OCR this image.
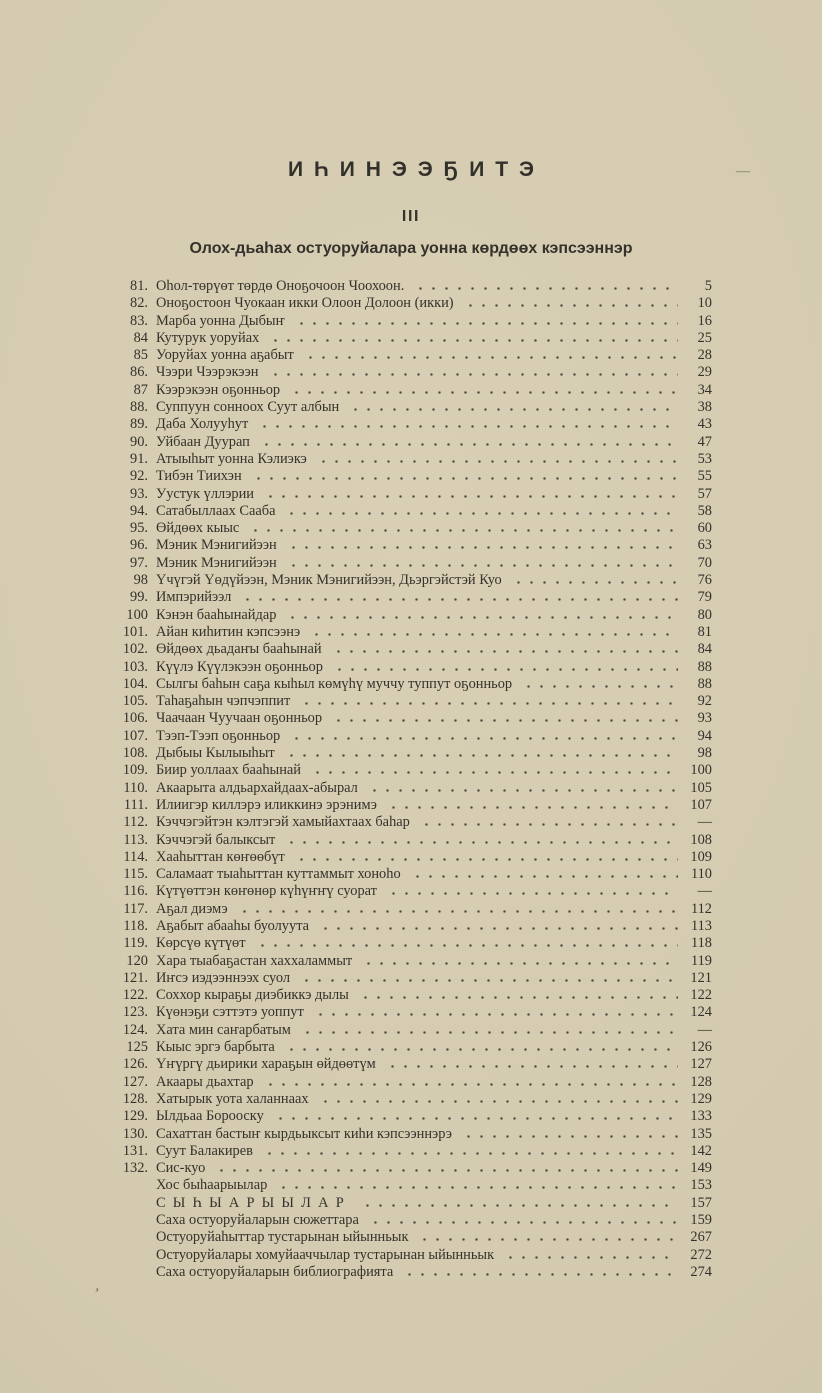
—
,
ИҺИНЭЭҔИТЭ
III
Олох-дьаһах остуоруйалара уонна көрдөөх кэпсээннэр
81. Оһол-төрүөт төрдө Оноҕочоон Чоохоон.	5
82. Оноҕостоон Чуокаан икки Олоон Долоон (икки)	10
83. Марба уонна Дыбыҥ	16
84 Кутурук уоруйах	25
85 Уоруйах уонна аҕабыт	28
86. Чээри Чээрэкээн	29
87 Кээрэкээн оҕонньор	34
88. Суппуун сонноох Суут албын	38
89. Даба Холууһут	43
90. Уйбаан Дуурап	47
91. Атыыһыт уонна Кэлиэкэ	53
92. Тибэн Тиихэн	55
93. Уустук үллэрии	57
94. Сатабыллаах Сааба	58
95. Өйдөөх кыыс	60
96. Мэник Мэнигийээн	63
97. Мэник Мэнигийээн	70
98 Үчүгэй Үөдүйээн, Мэник Мэнигийээн, Дьэргэйстэй Куо	76
99. Импэрийээл	79
100 Кэнэн бааһынайдар	80
101. Айан киһитин кэпсээнэ	81
102. Өйдөөх дьадаҥы бааһынай	84
103. Күүлэ Күүлэкээн оҕонньор	88
104. Сылгы баһын саҕа кыһыл көмүһү муччу туппут оҕонньор	88
105. Таһаҕаһын чэпчэппит	92
106. Чаачаан Чуучаан оҕонньор	93
107. Тээп-Тээп оҕонньор	94
108. Дыбыы Кылыыһыт	98
109. Биир уоллаах бааһынай	100
110. Акаарыта алдьархайдаах-абырал	105
111. Илиигэр киллэрэ иликкинэ эрэнимэ	107
112. Кэччэгэйтэн кэлтэгэй хамыйахтаах баһар	—
113. Кэччэгэй балыксыт	108
114. Хааһыттан көҥөөбүт	109
115. Саламаат тыаһыттан куттаммыт хоноһо	110
116. Күтүөттэн көҥөнөр күһүҥҥү суорат	—
117. Аҕал диэмэ	112
118. Аҕабыт абааһы буолуута	113
119. Көрсүө күтүөт	118
120 Хара тыабаҕастан хаххаламмыт	119
121. Иҥсэ иэдээннээх суол	121
122. Соххор кыраҕы диэбиккэ дылы	122
123. Күөнэҕи сэттэтэ уоппут	124
124. Хата мин саҥарбатым	—
125 Кыыс эргэ барбыта	126
126. Үҥүргү дьирики хараҕын өйдөөтүм	127
127. Акаары дьахтар	128
128. Хатырык уота халаннаах	129
129. Ылдьаа Борооску	133
130. Сахаттан бастыҥ кырдьыксыт киһи кэпсээннэрэ	135
131. Суут Балакирев	142
132. Сис-куо	149
Хос быһаарыылар	153
СЫҺЫАРЫЫЛАР	157
Саха остуоруйаларын сюжеттара	159
Остуоруйаһыттар тустарынан ыйынньык	267
Остуоруйалары хомуйааччылар тустарынан ыйынньык	272
Саха остуоруйаларын библиографията	274
